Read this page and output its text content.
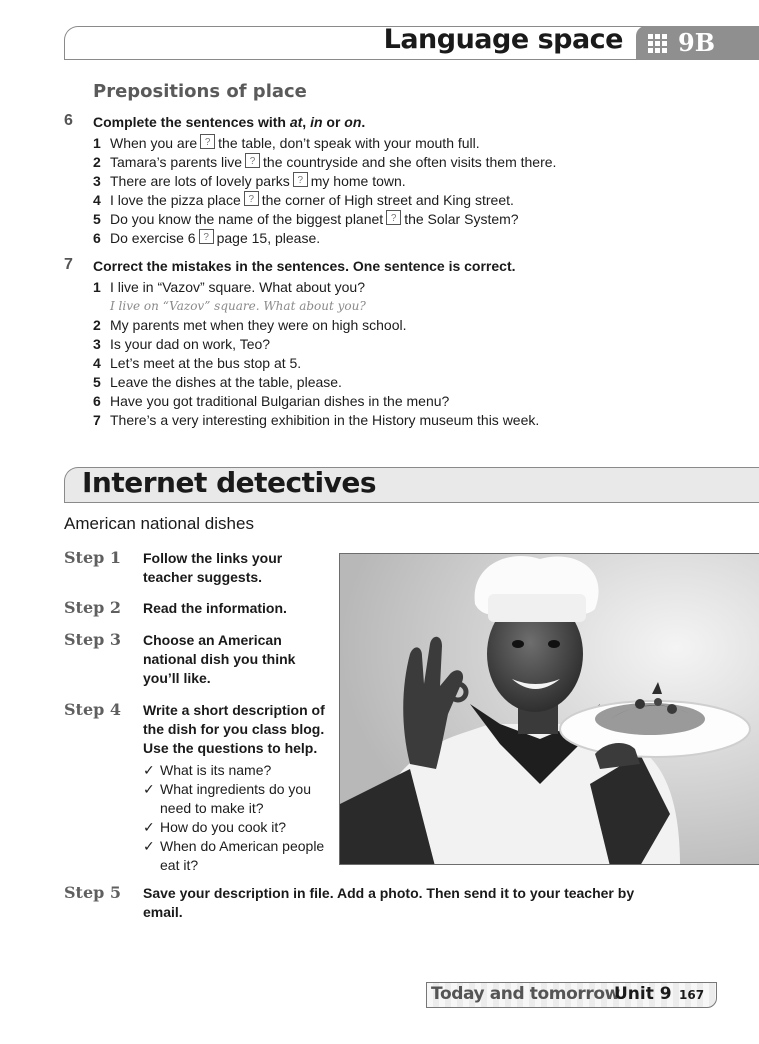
Language space 9B
Prepositions of place
6 Complete the sentences with at, in or on.
1 When you are ? the table, don’t speak with your mouth full.
2 Tamara’s parents live ? the countryside and she often visits them there.
3 There are lots of lovely parks ? my home town.
4 I love the pizza place ? the corner of High street and King street.
5 Do you know the name of the biggest planet ? the Solar System?
6 Do exercise 6 ? page 15, please.
7 Correct the mistakes in the sentences. One sentence is correct.
1 I live in “Vazov” square. What about you?
I live on “Vazov” square. What about you?
2 My parents met when they were on high school.
3 Is your dad on work, Teo?
4 Let’s meet at the bus stop at 5.
5 Leave the dishes at the table, please.
6 Have you got traditional Bulgarian dishes in the menu?
7 There’s a very interesting exhibition in the History museum this week.
Internet detectives
American national dishes
Step 1 Follow the links your
teacher suggests.
Step 2 Read the information.
Step 3 Choose an American
national dish you think
you’ll like.
Step 4 Write a short description of
the dish for you class blog.
Use the questions to help.
✓ What is its name?
✓ What ingredients do you
need to make it?
✓ How do you cook it?
✓ When do American people
eat it?
Step 5 Save your description in file. Add a photo. Then send it to your teacher by
email.
Today and tomorrow
Unit 9 167
